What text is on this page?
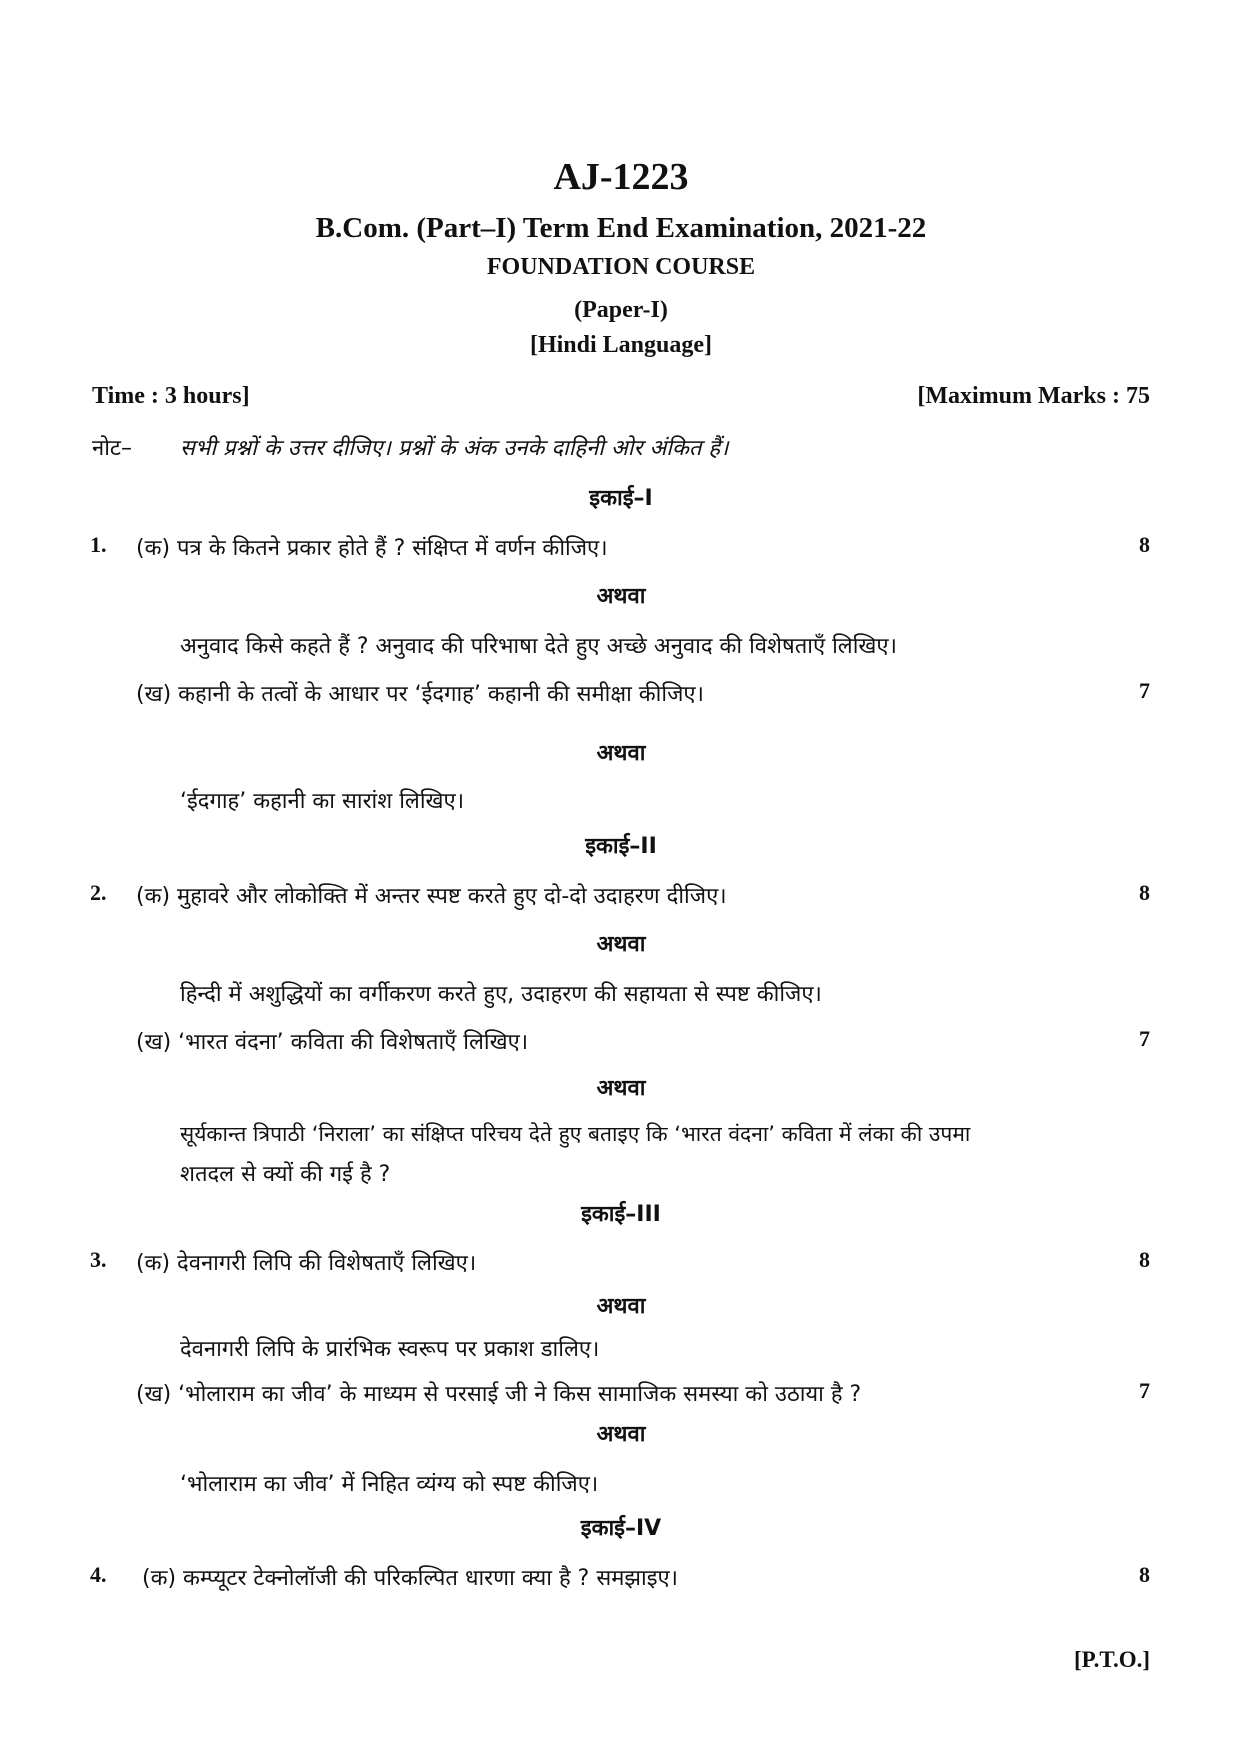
AJ-1223
B.Com. (Part–I) Term End Examination, 2021-22
FOUNDATION COURSE
(Paper-I)
[Hindi Language]
Time : 3 hours]	[Maximum Marks : 75
नोट– सभी प्रश्नों के उत्तर दीजिए। प्रश्नों के अंक उनके दाहिनी ओर अंकित हैं।
इकाई–I
1. (क) पत्र के कितने प्रकार होते हैं ? संक्षिप्त में वर्णन कीजिए।	8
अथवा
अनुवाद किसे कहते हैं ? अनुवाद की परिभाषा देते हुए अच्छे अनुवाद की विशेषताएँ लिखिए।
(ख) कहानी के तत्वों के आधार पर ‘ईदगाह’ कहानी की समीक्षा कीजिए।	7
अथवा
‘ईदगाह’ कहानी का सारांश लिखिए।
इकाई–II
2. (क) मुहावरे और लोकोक्ति में अन्तर स्पष्ट करते हुए दो-दो उदाहरण दीजिए।	8
अथवा
हिन्दी में अशुद्धियों का वर्गीकरण करते हुए, उदाहरण की सहायता से स्पष्ट कीजिए।
(ख) ‘भारत वंदना’ कविता की विशेषताएँ लिखिए।	7
अथवा
सूर्यकान्त त्रिपाठी ‘निराला’ का संक्षिप्त परिचय देते हुए बताइए कि ‘भारत वंदना’ कविता में लंका की उपमा
शतदल से क्यों की गई है ?
इकाई–III
3. (क) देवनागरी लिपि की विशेषताएँ लिखिए।	8
अथवा
देवनागरी लिपि के प्रारंभिक स्वरूप पर प्रकाश डालिए।
(ख) ‘भोलाराम का जीव’ के माध्यम से परसाई जी ने किस सामाजिक समस्या को उठाया है ?	7
अथवा
‘भोलाराम का जीव’ में निहित व्यंग्य को स्पष्ट कीजिए।
इकाई–IV
4. (क) कम्प्यूटर टेक्नोलॉजी की परिकल्पित धारणा क्या है ? समझाइए।	8
[P.T.O.]
